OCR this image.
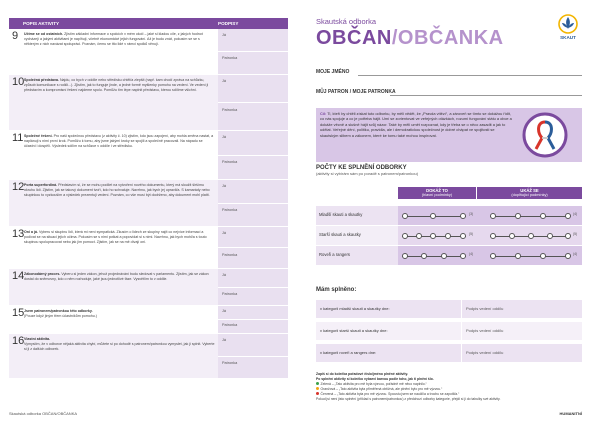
POPIS AKTIVITY	PODPISY
9	Učíme se od ostatních. Zjistím základní informace o spolcích v mém okolí – jaké si kladou cíle, z jakých hodnot vycházejí a jakými aktivitami je naplňují, včetně ekonomické jejich fungování. Až je budu znát, pokusím se se s některým z nich navázat spolupráci. Poznám, čemu se tito lidé v rámci spolků věnují.
Já
Patronka
10 Společná představa. Najdu, co bych v oddíle nebo středisku chtěl/a zlepšit (např. kam chodí zpráva na schůzku, způsob komunikace s rodiči...). Zjistím, jak to funguje jinde, a jedné formě myšlenky pomohu na vedení. Ve vedení ji představím a kompromisní řešení najdeme spolu. Pomůžu tím lépe naplnit představu, kterou sdílíme všichni.
Já
Patronka
11 Společné řešení. Pro naši společnou představu (z aktivity č. 10) zjistím, kdo jsou zapojení, aby mohla změna nastat, a naplánuji s nimi první krok. Pomůžu k tomu, aby jsme jakými kroky se spojili a společně pracovali. Na nápadu se účastní i dospělí. Výsledek sdílím na schůzce v oddíle i ve středisku.
Já
Patronka
12 Porta superfordiná. Představím si, že se mohu podílet na vytvoření nového dokumentu, který má sloužit širšímu okruhu lidí. Zjistím, jak se takový dokument tvoří, kdo ho schvaluje. Navrhnu, jak bych jej upravil/a. S kamarády nebo skupinkou to vyzkouším a výsledek prezentuji vedení. Poznám, co vše musí být dodrženo, aby dokument mohl platit.
Já
Patronka
13 Oni a já. Vyberu si skupinu lidí, která mi není sympatická. Zkusím o lidech ze skupiny najít co nejvíce informací a podívat se na situaci jejich očima. Pokusím se s nimi potkat a popovídat si s nimi. Navrhnu, jak bych mohl/a s touto skupinou spolupracovat nebo jak jim pomoct. Zjistím, jak se na mě dívají oni.
Já
Patronka
14 Zákonodárný proces. Vyberu si jeden zákon, jehož projednávání budu sledovat v parlamentu. Zjistím, jak se zákon dostal do sněmovny, kdo o něm rozhoduje, jaké jsou jednotlivé fáze. Vysvětlím to v oddíle.
Já
Patronka
15 Jsem patronem/patronkou této odborky.
(Pouze když jiným třem účastníkům pomohu.)
Já
Patronka
16 Vlastní aktivita.
Vymyslím, že v odborce nějaká aktivita chybí, můžete si po dohodě s patronem/patronkou vymyslet, jak ji splnit. Vyberte si ji z dalších odborek.
Já
Patronka
Skautská odborka OBČAN/OBČANKA
Skautská odborka
OBČAN/OBČANKA	SKAUT
MOJE JMÉNO
MŮJ PATRON / MOJE PATRONKA
Cíl: Ti, kteří by chtěli získat tuto odborku, by měli vědět, že „Pravda vítězí“, a zároveň se tímto se dokážou řídit, co nás spojuje a co je potřeba hájit. Umí se zorientovat ve veřejných otázkách, rozumí fungování státu a obce a dokáže věcně a slušně hájit svůj názor. Také by měli umět rozpoznat, kdy je třeba se o něco zasadit a jak to udělat. Veřejné dění, politiku, pravidla, ale i demokratickou společnost je dobré chápat ve spojitosti se skautským slibem a zákonem, které ke tomu také mohou inspirovat.
POČTY KE SPLNĚNÍ ODBORKY
(aktivity si vybírám sám po poradě s patronem/patronkou)
DOKÁŽ TO
(hlavní podmínky)
UKÁŽ SE
(doplňující podmínky)
Mladší skauti a skautky	(3)	(4)
Starší skauti a skautky	(5)	(5)
Roveři a rangers	(4)	(4)
Mám splněno:
v kategorii mladší skauti a skautky dne:	Podpis vedení oddílu
v kategorii starší skauti a skautky dne:	Podpis vedení oddílu
v kategorii roveři a rangers dne:	Podpis vedení oddílu
Zapiš si do kolečka pořadové číslo/jméno plněné aktivity.
Po splnění aktivity si kolečko vybarvi barvou podle toho, jak ti plnění šlo.
Zelená – „Tato aktivita pro mě byla výzvou, pořádně mě něco naplnilo.“
Oranžová – „Tato aktivita byla přiměřená obtížná, ale plnění bylo pro mě výzvou.“
Červená – „Tato aktivita byla pro mě výzvou. Spoustu jsem se naučil/a a trochu se zapotil/a.“
Pokud jsi není jisto splnění (příklad s patronem/patronkou) z předchozí odborky kategorie, přejdi si ji do tabulky své aktivity.
HUMANITNÍ
